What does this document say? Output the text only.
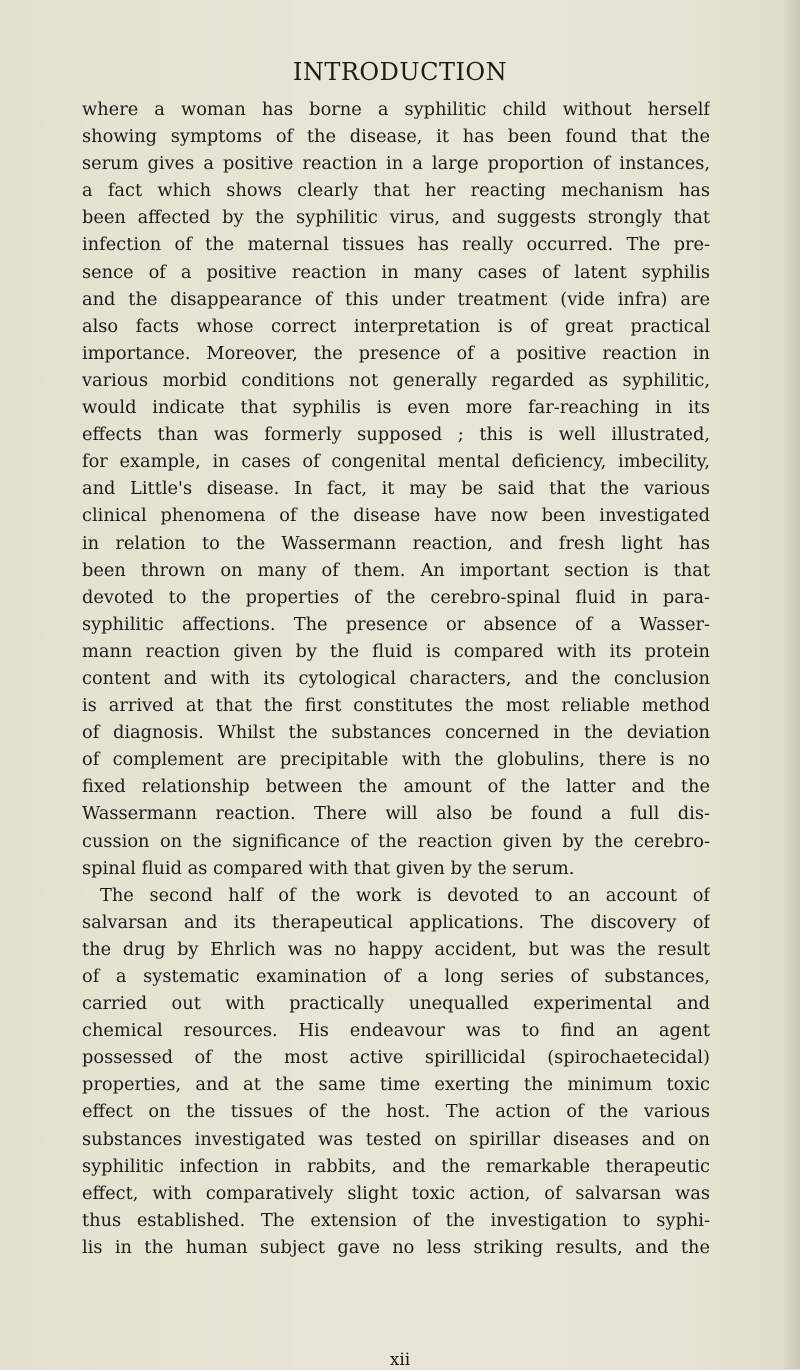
INTRODUCTION
where a woman has borne a syphilitic child without herself
showing symptoms of the disease, it has been found that the
serum gives a positive reaction in a large proportion of instances,
a fact which shows clearly that her reacting mechanism has
been affected by the syphilitic virus, and suggests strongly that
infection of the maternal tissues has really occurred. The pre-
sence of a positive reaction in many cases of latent syphilis
and the disappearance of this under treatment (vide infra) are
also facts whose correct interpretation is of great practical
importance. Moreover, the presence of a positive reaction in
various morbid conditions not generally regarded as syphilitic,
would indicate that syphilis is even more far-reaching in its
effects than was formerly supposed ; this is well illustrated,
for example, in cases of congenital mental deficiency, imbecility,
and Little's disease. In fact, it may be said that the various
clinical phenomena of the disease have now been investigated
in relation to the Wassermann reaction, and fresh light has
been thrown on many of them. An important section is that
devoted to the properties of the cerebro-spinal fluid in para-
syphilitic affections. The presence or absence of a Wasser-
mann reaction given by the fluid is compared with its protein
content and with its cytological characters, and the conclusion
is arrived at that the first constitutes the most reliable method
of diagnosis. Whilst the substances concerned in the deviation
of complement are precipitable with the globulins, there is no
fixed relationship between the amount of the latter and the
Wassermann reaction. There will also be found a full dis-
cussion on the significance of the reaction given by the cerebro-
spinal fluid as compared with that given by the serum.
The second half of the work is devoted to an account of
salvarsan and its therapeutical applications. The discovery of
the drug by Ehrlich was no happy accident, but was the result
of a systematic examination of a long series of substances,
carried out with practically unequalled experimental and
chemical resources. His endeavour was to find an agent
possessed of the most active spirillicidal (spirochaetecidal)
properties, and at the same time exerting the minimum toxic
effect on the tissues of the host. The action of the various
substances investigated was tested on spirillar diseases and on
syphilitic infection in rabbits, and the remarkable therapeutic
effect, with comparatively slight toxic action, of salvarsan was
thus established. The extension of the investigation to syphi-
lis in the human subject gave no less striking results, and the
xii
